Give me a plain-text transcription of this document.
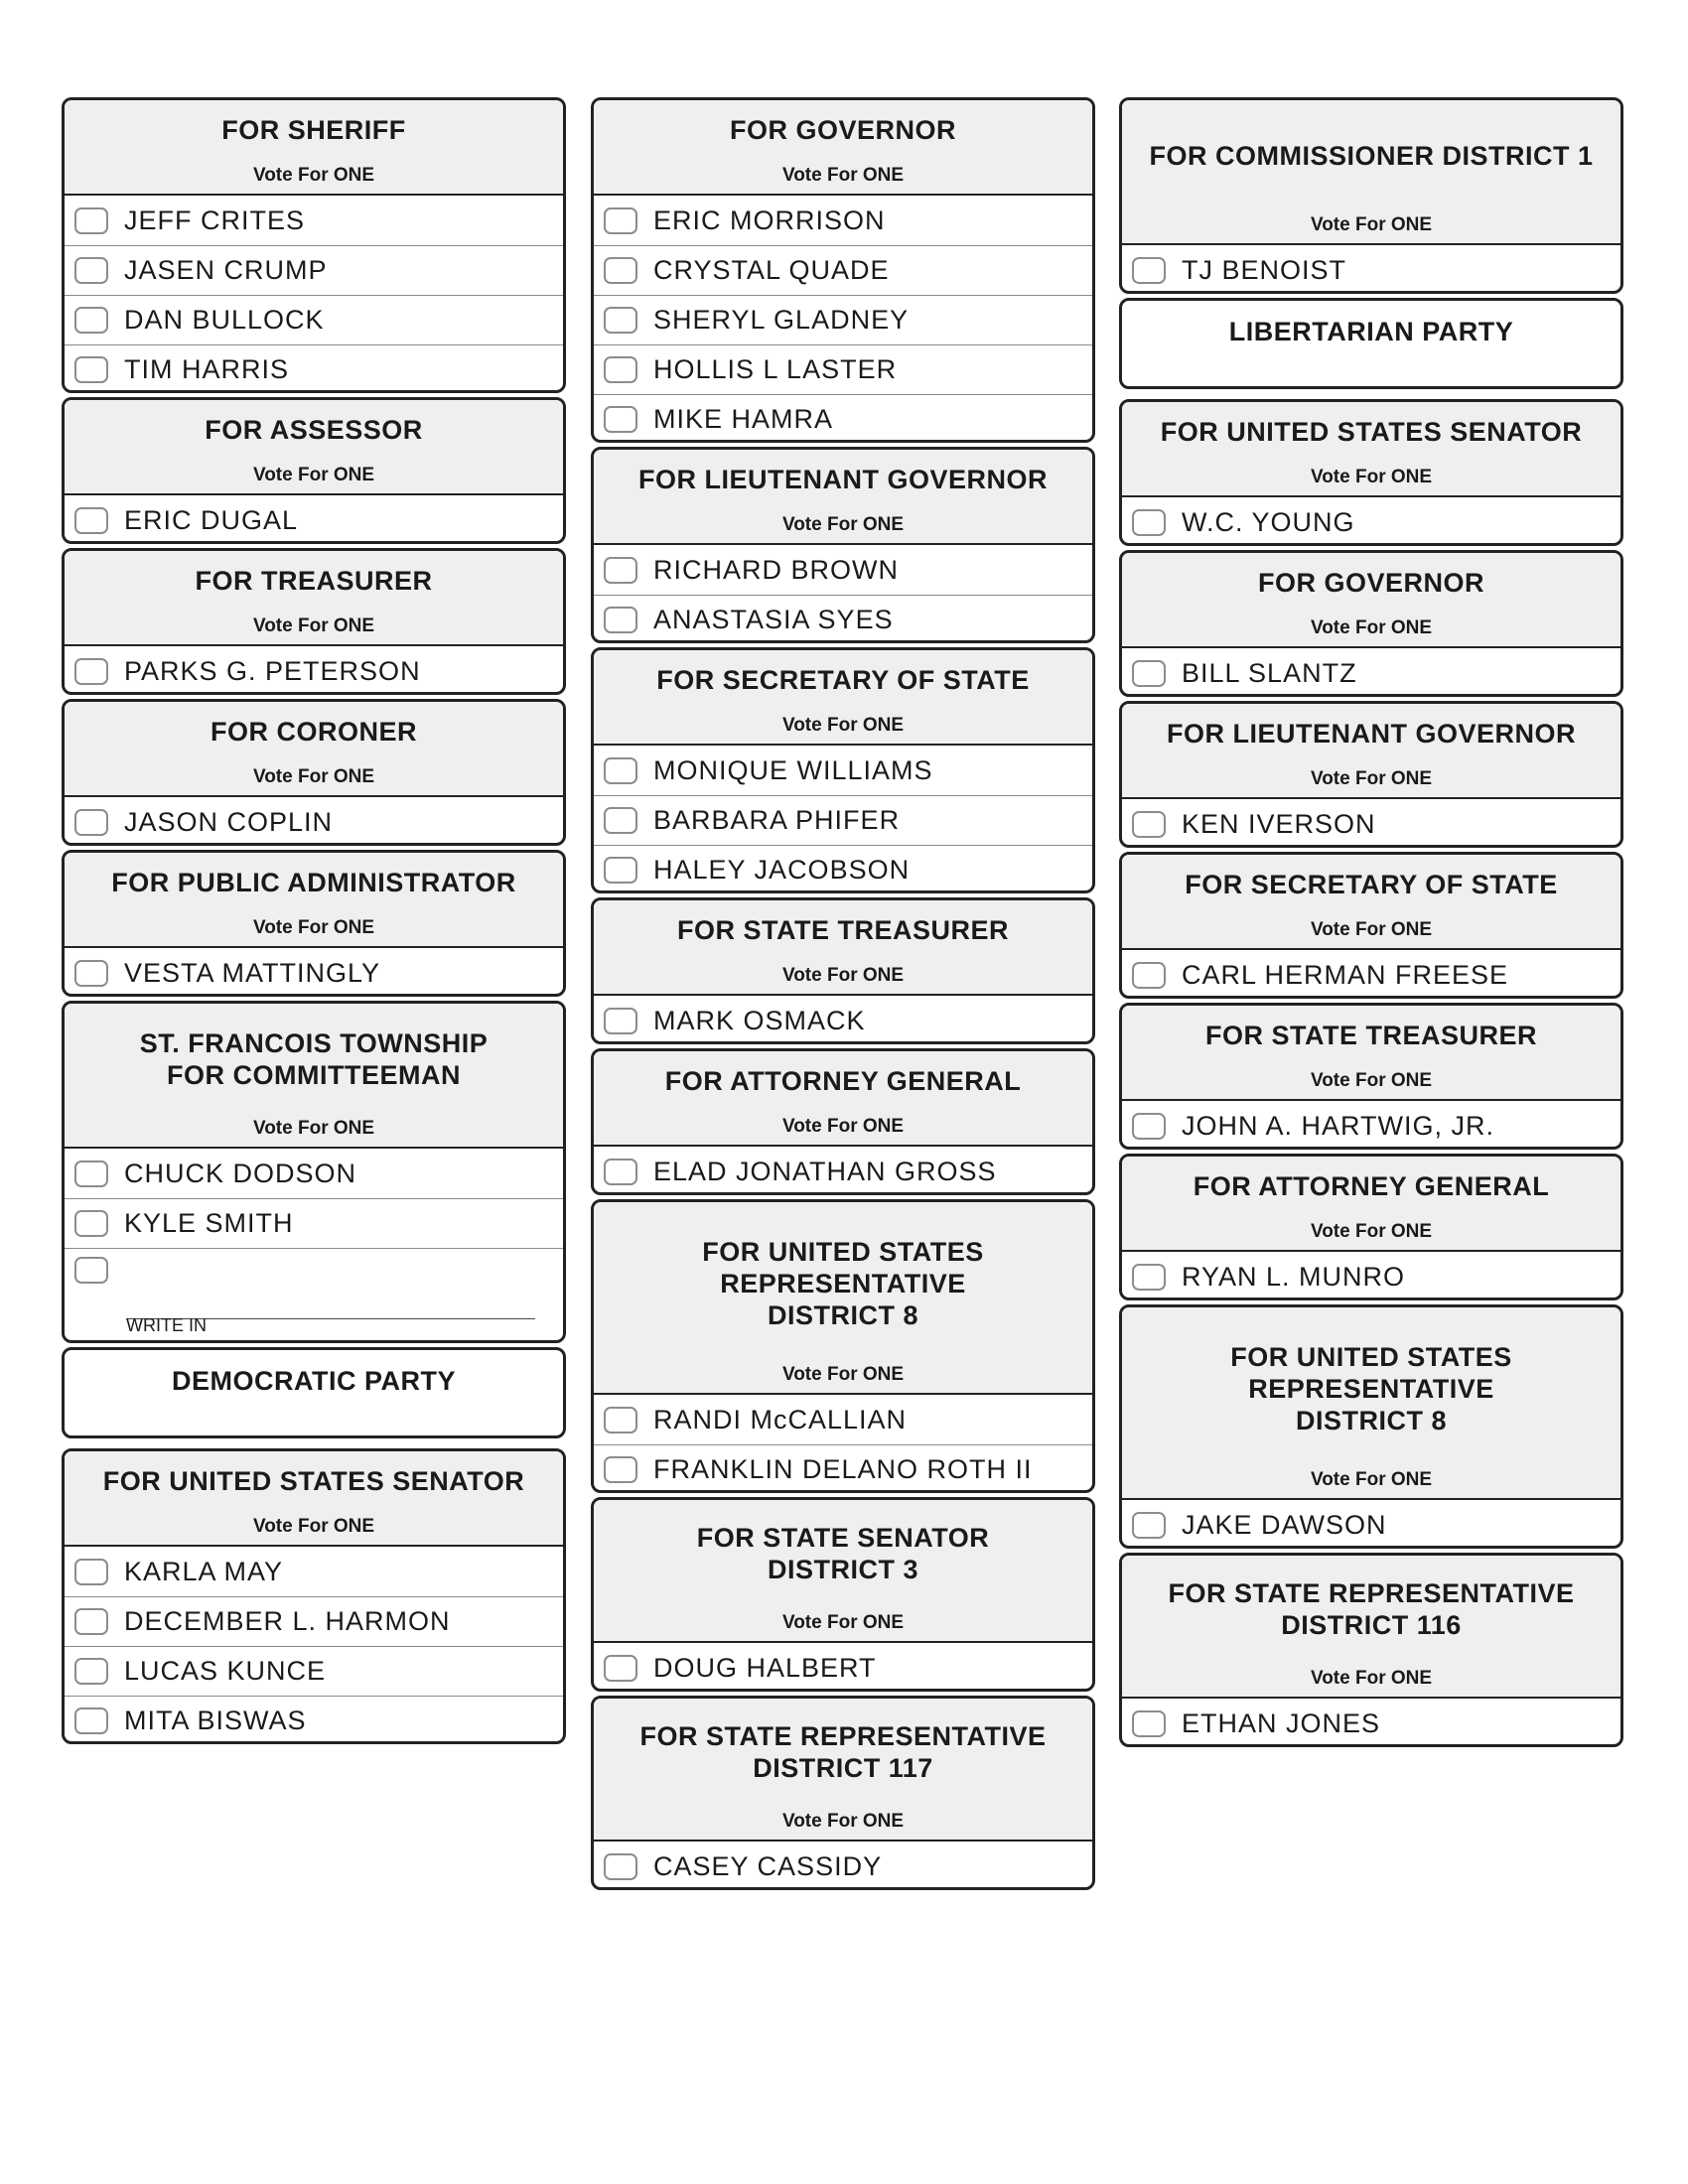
FOR SHERIFF
Vote For ONE
JEFF CRITES
JASEN CRUMP
DAN BULLOCK
TIM HARRIS
FOR ASSESSOR
Vote For ONE
ERIC DUGAL
FOR TREASURER
Vote For ONE
PARKS G. PETERSON
FOR CORONER
Vote For ONE
JASON COPLIN
FOR PUBLIC ADMINISTRATOR
Vote For ONE
VESTA MATTINGLY
ST. FRANCOIS TOWNSHIP
FOR COMMITTEEMAN
Vote For ONE
CHUCK DODSON
KYLE SMITH
WRITE IN
DEMOCRATIC PARTY
FOR UNITED STATES SENATOR
Vote For ONE
KARLA MAY
DECEMBER L. HARMON
LUCAS KUNCE
MITA BISWAS
FOR GOVERNOR
Vote For ONE
ERIC MORRISON
CRYSTAL QUADE
SHERYL GLADNEY
HOLLIS L LASTER
MIKE HAMRA
FOR LIEUTENANT GOVERNOR
Vote For ONE
RICHARD BROWN
ANASTASIA SYES
FOR SECRETARY OF STATE
Vote For ONE
MONIQUE WILLIAMS
BARBARA PHIFER
HALEY JACOBSON
FOR STATE TREASURER
Vote For ONE
MARK OSMACK
FOR ATTORNEY GENERAL
Vote For ONE
ELAD JONATHAN GROSS
FOR UNITED STATES
REPRESENTATIVE
DISTRICT 8
Vote For ONE
RANDI McCALLIAN
FRANKLIN DELANO ROTH II
FOR STATE SENATOR
DISTRICT 3
Vote For ONE
DOUG HALBERT
FOR STATE REPRESENTATIVE
DISTRICT 117
Vote For ONE
CASEY CASSIDY
FOR COMMISSIONER DISTRICT 1
Vote For ONE
TJ BENOIST
LIBERTARIAN PARTY
FOR UNITED STATES SENATOR
Vote For ONE
W.C. YOUNG
FOR GOVERNOR
Vote For ONE
BILL SLANTZ
FOR LIEUTENANT GOVERNOR
Vote For ONE
KEN IVERSON
FOR SECRETARY OF STATE
Vote For ONE
CARL HERMAN FREESE
FOR STATE TREASURER
Vote For ONE
JOHN A. HARTWIG, JR.
FOR ATTORNEY GENERAL
Vote For ONE
RYAN L. MUNRO
FOR UNITED STATES
REPRESENTATIVE
DISTRICT 8
Vote For ONE
JAKE DAWSON
FOR STATE REPRESENTATIVE
DISTRICT 116
Vote For ONE
ETHAN JONES
